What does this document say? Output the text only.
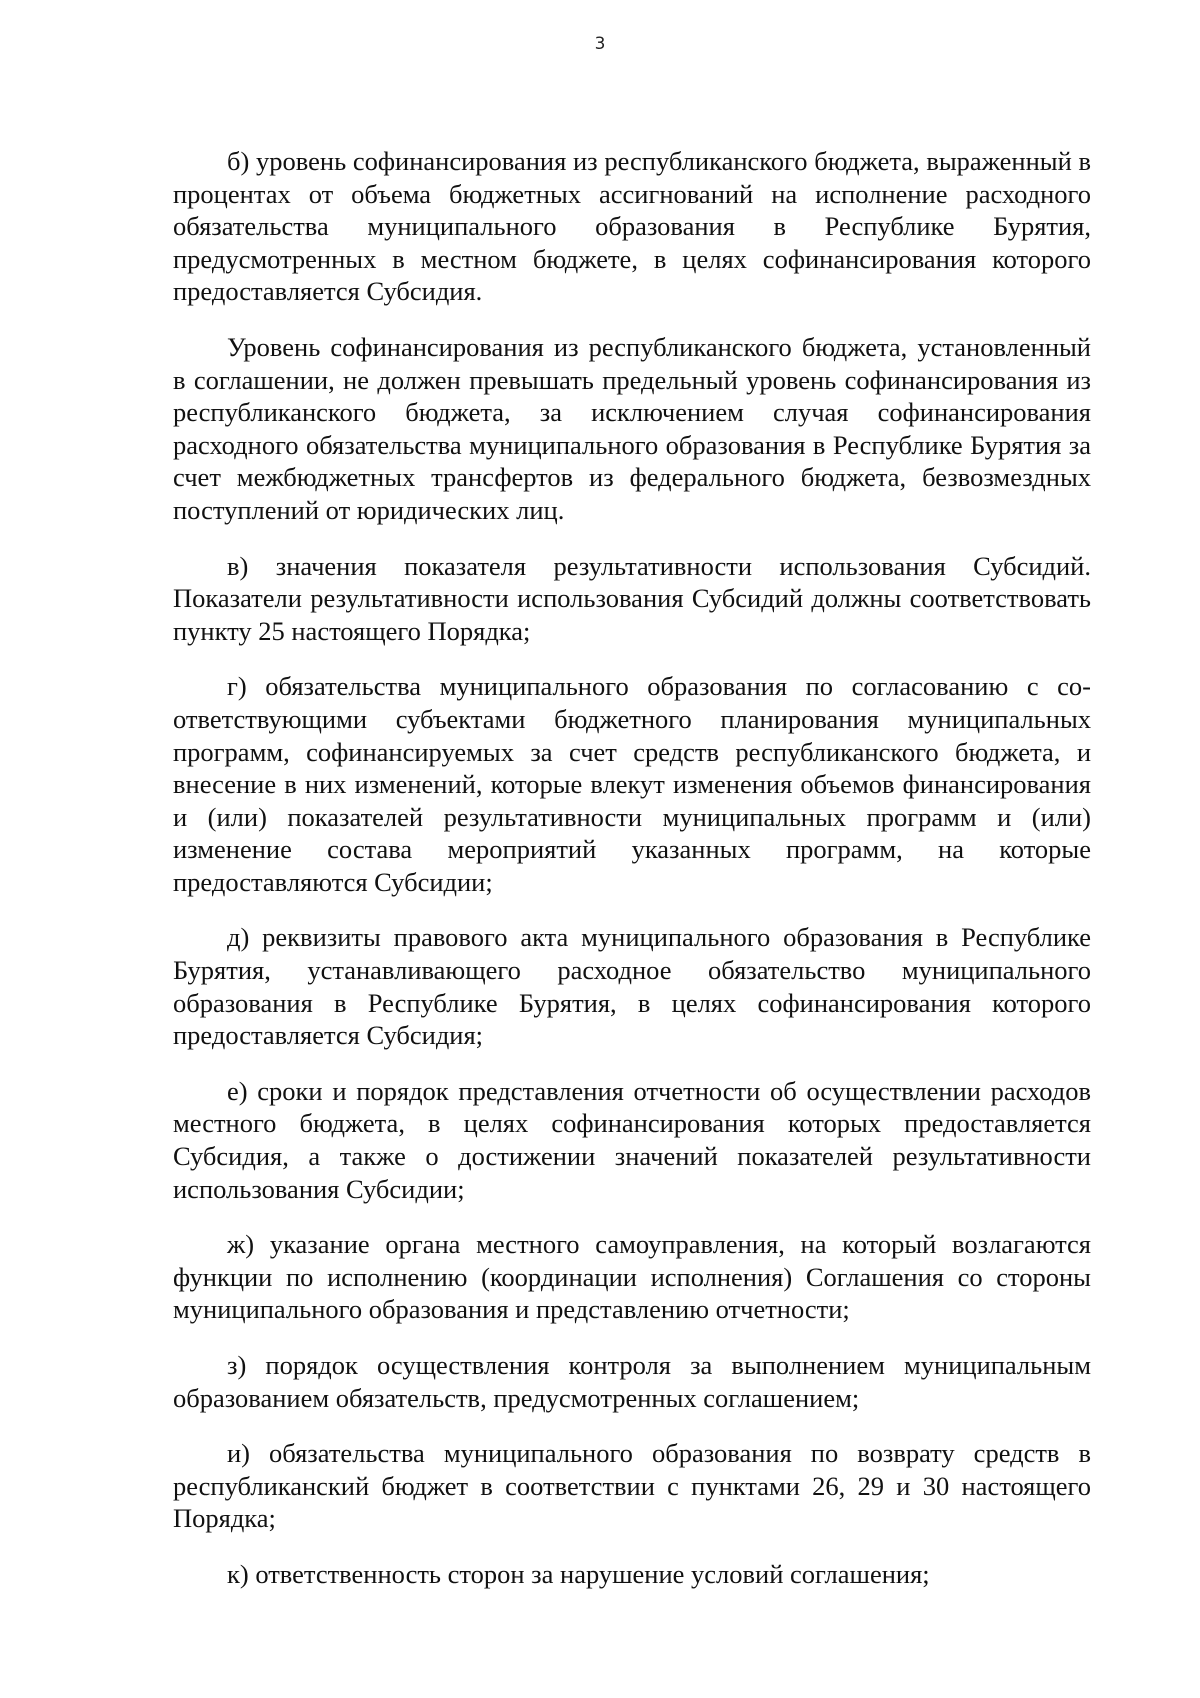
3

б) уровень софинансирования из республиканского бюджета, выраженный в процентах от объема бюджетных ассигнований на исполнение расходного обязательства муниципального образования в Республике Бурятия, предусмотренных в местном бюджете, в целях софинансирования которого предоставляется Субсидия.

Уровень софинансирования из республиканского бюджета, установленный в соглашении, не должен превышать предельный уровень софинансирования из республиканского бюджета, за исключением случая софинансирования расходного обязательства муниципального образования в Республике Бурятия за счет межбюджетных трансфертов из федерального бюджета, безвозмездных поступлений от юридических лиц.

в) значения показателя результативности использования Субсидий. Показатели результативности использования Субсидий должны соответствовать пункту 25 настоящего Порядка;

г) обязательства муниципального образования по согласованию с соответствующими субъектами бюджетного планирования муниципальных программ, софинансируемых за счет средств республиканского бюджета, и внесение в них изменений, которые влекут изменения объемов финансирования и (или) показателей результативности муниципальных программ и (или) изменение состава мероприятий указанных программ, на которые предоставляются Субсидии;

д) реквизиты правового акта муниципального образования в Республике Бурятия, устанавливающего расходное обязательство муниципального образования в Республике Бурятия, в целях софинансирования которого предоставляется Субсидия;

е) сроки и порядок представления отчетности об осуществлении расходов местного бюджета, в целях софинансирования которых предоставляется Субсидия, а также о достижении значений показателей результативности использования Субсидии;

ж) указание органа местного самоуправления, на который возлагаются функции по исполнению (координации исполнения) Соглашения со стороны муниципального образования и представлению отчетности;

з) порядок осуществления контроля за выполнением муниципальным образованием обязательств, предусмотренных соглашением;

и) обязательства муниципального образования по возврату средств в республиканский бюджет в соответствии с пунктами 26, 29 и 30 настоящего Порядка;

к) ответственность сторон за нарушение условий соглашения;
